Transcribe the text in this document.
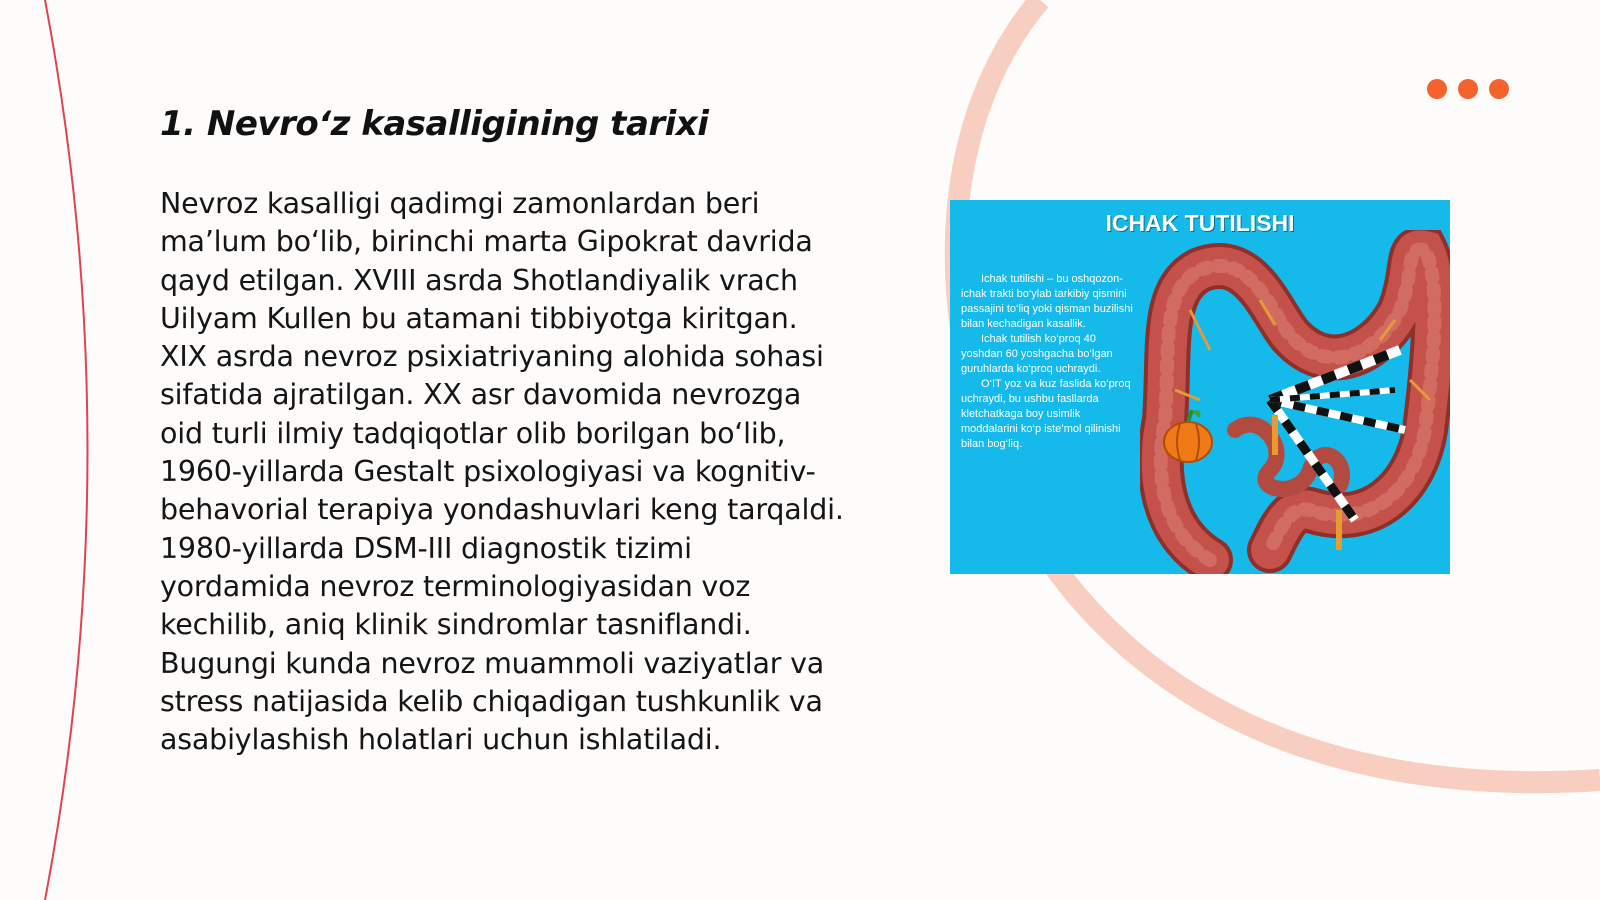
1. Nevro‘z kasalligining tarixi

Nevroz kasalligi qadimgi zamonlardan beri ma’lum bo‘lib, birinchi marta Gipokrat davrida qayd etilgan. XVIII asrda Shotlandiyalik vrach Uilyam Kullen bu atamani tibbiyotga kiritgan. XIX asrda nevroz psixiatriyaning alohida sohasi sifatida ajratilgan. XX asr davomida nevrozga oid turli ilmiy tadqiqotlar olib borilgan bo‘lib, 1960-yillarda Gestalt psixologiyasi va kognitiv-behavorial terapiya yondashuvlari keng tarqaldi. 1980-yillarda DSM-III diagnostik tizimi yordamida nevroz terminologiyasidan voz kechilib, aniq klinik sindromlar tasniflandi. Bugungi kunda nevroz muammoli vaziyatlar va stress natijasida kelib chiqadigan tushkunlik va asabiylashish holatlari uchun ishlatiladi.

ICHAK TUTILISHI
Ichak tutilishi – bu oshqozon-ichak trakti bo‘ylab tarkibiy qismini passajini to‘liq yoki qisman buzilishi bilan kechadigan kasallik.
Ichak tutilish ko‘proq 40 yoshdan 60 yoshgacha bo‘lgan guruhlarda ko‘proq uchraydi.
O‘IT yoz va kuz faslida ko‘proq uchraydi, bu ushbu fasllarda kletchatkaga boy usimlik moddalarini ko‘p iste’mol qilinishi bilan bog‘liq.
